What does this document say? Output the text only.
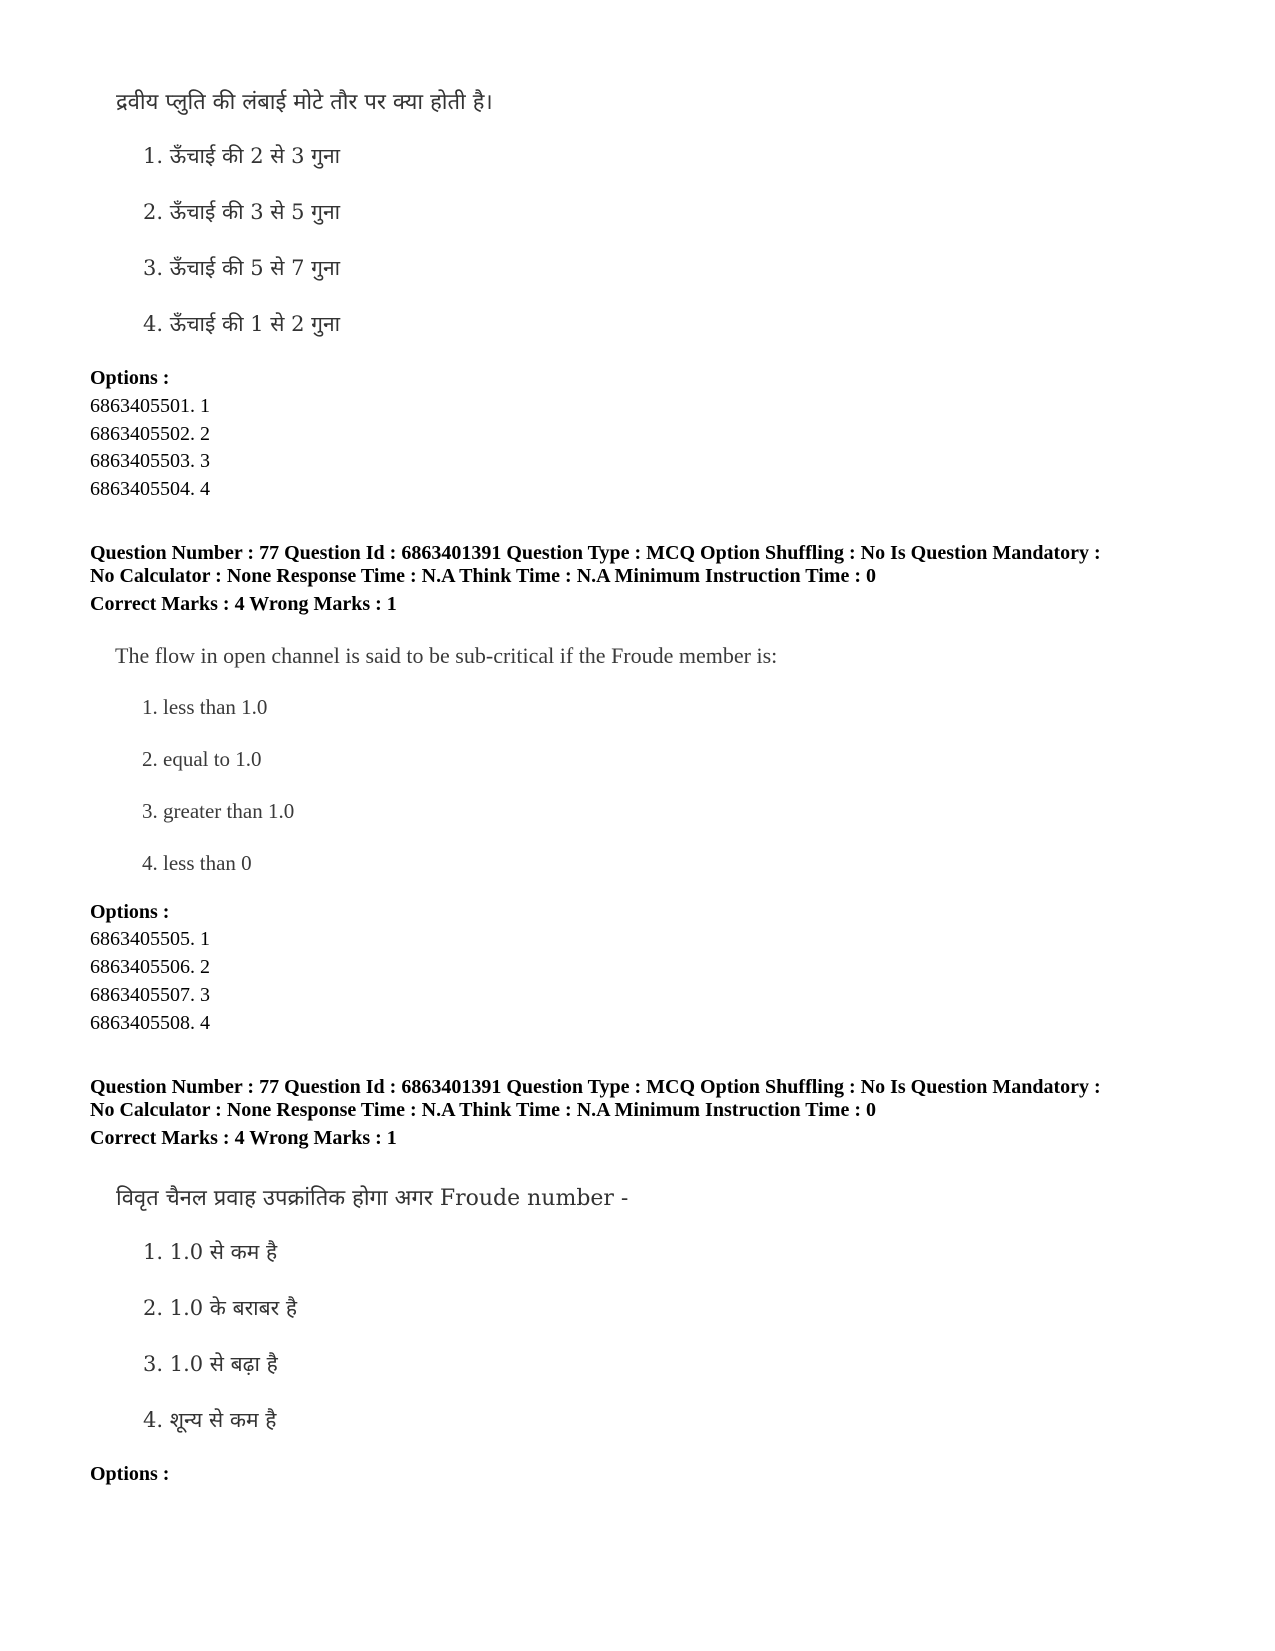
द्रवीय प्लुति की लंबाई मोटे तौर पर क्या होती है।
1. ऊँचाई की 2 से 3 गुना
2. ऊँचाई की 3 से 5 गुना
3. ऊँचाई की 5 से 7 गुना
4. ऊँचाई की 1 से 2 गुना
Options :
6863405501. 1
6863405502. 2
6863405503. 3
6863405504. 4
Question Number : 77 Question Id : 6863401391 Question Type : MCQ Option Shuffling : No Is Question Mandatory :
No Calculator : None Response Time : N.A Think Time : N.A Minimum Instruction Time : 0
Correct Marks : 4 Wrong Marks : 1
The flow in open channel is said to be sub-critical if the Froude member is:
1. less than 1.0
2. equal to 1.0
3. greater than 1.0
4. less than 0
Options :
6863405505. 1
6863405506. 2
6863405507. 3
6863405508. 4
Question Number : 77 Question Id : 6863401391 Question Type : MCQ Option Shuffling : No Is Question Mandatory :
No Calculator : None Response Time : N.A Think Time : N.A Minimum Instruction Time : 0
Correct Marks : 4 Wrong Marks : 1
विवृत चैनल प्रवाह उपक्रांतिक होगा अगर Froude number -
1. 1.0 से कम है
2. 1.0 के बराबर है
3. 1.0 से बढ़ा है
4. शून्य से कम है
Options :
